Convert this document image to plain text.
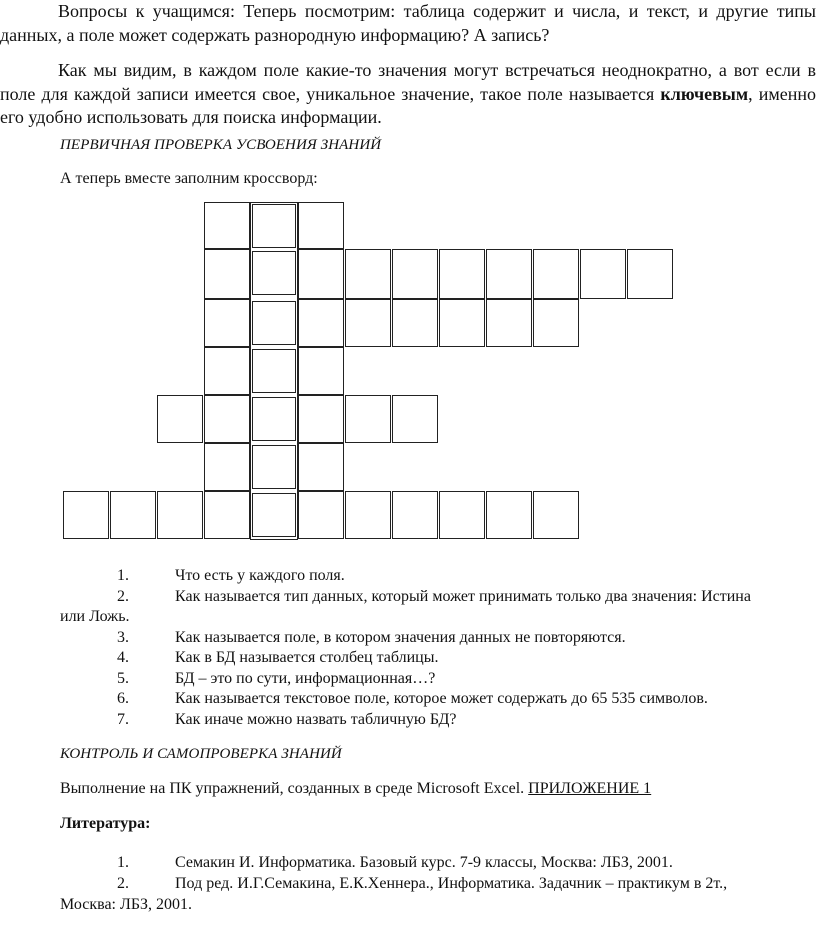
Вопросы к учащимся: Теперь посмотрим: таблица содержит и числа, и текст, и другие типы данных, а поле может содержать разнородную информацию? А запись?

Как мы видим, в каждом поле какие-то значения могут встречаться неоднократно, а вот если в поле для каждой записи имеется свое, уникальное значение, такое поле называется ключевым, именно его удобно использовать для поиска информации.

ПЕРВИЧНАЯ ПРОВЕРКА УСВОЕНИЯ ЗНАНИЙ

А теперь вместе заполним кроссворд:

1.	Что есть у каждого поля.
2.	Как называется тип данных, который может принимать только два значения: Истина
или Ложь.
3.	Как называется поле, в котором значения данных не повторяются.
4.	Как в БД называется столбец таблицы.
5.	БД – это по сути, информационная…?
6.	Как называется текстовое поле, которое может содержать до 65 535 символов.
7.	Как иначе можно назвать табличную БД?

КОНТРОЛЬ И САМОПРОВЕРКА ЗНАНИЙ

Выполнение на ПК упражнений, созданных в среде Microsoft Excel. ПРИЛОЖЕНИЕ 1

Литература:

1.	Семакин И. Информатика. Базовый курс. 7-9 классы, Москва: ЛБЗ, 2001.
2.	Под ред. И.Г.Семакина, Е.К.Хеннера., Информатика. Задачник – практикум в 2т.,
Москва: ЛБЗ, 2001.
